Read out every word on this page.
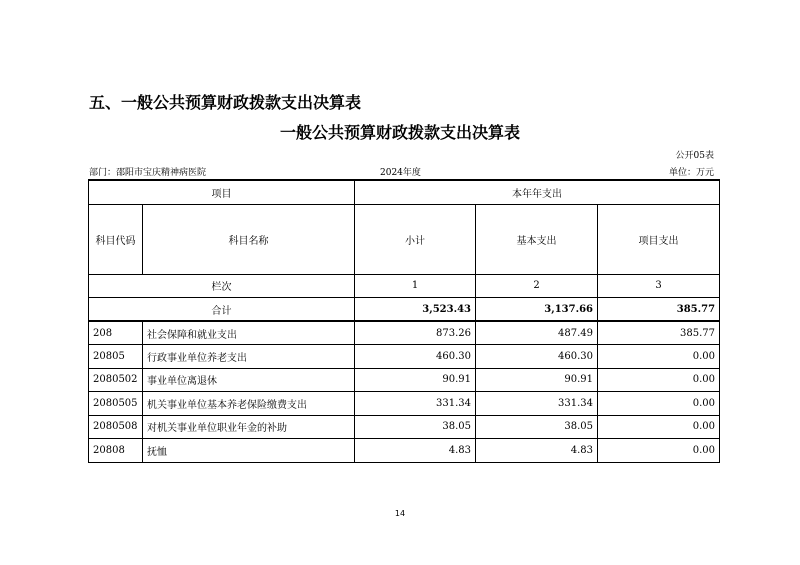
五、一般公共预算财政拨款支出决算表
一般公共预算财政拨款支出决算表
公开05表
部门：邵阳市宝庆精神病医院	2024年度	单位：万元
项目		本年年支出		
科目代码	科目名称	小计	基本支出	项目支出
栏次		1	2	3
合计		3,523.43	3,137.66	385.77
208	社会保障和就业支出	873.26	487.49	385.77
20805	行政事业单位养老支出	460.30	460.30	0.00
2080502	事业单位离退休	90.91	90.91	0.00
2080505	机关事业单位基本养老保险缴费支出	331.34	331.34	0.00
2080508	对机关事业单位职业年金的补助	38.05	38.05	0.00
20808	抚恤	4.83	4.83	0.00
14
